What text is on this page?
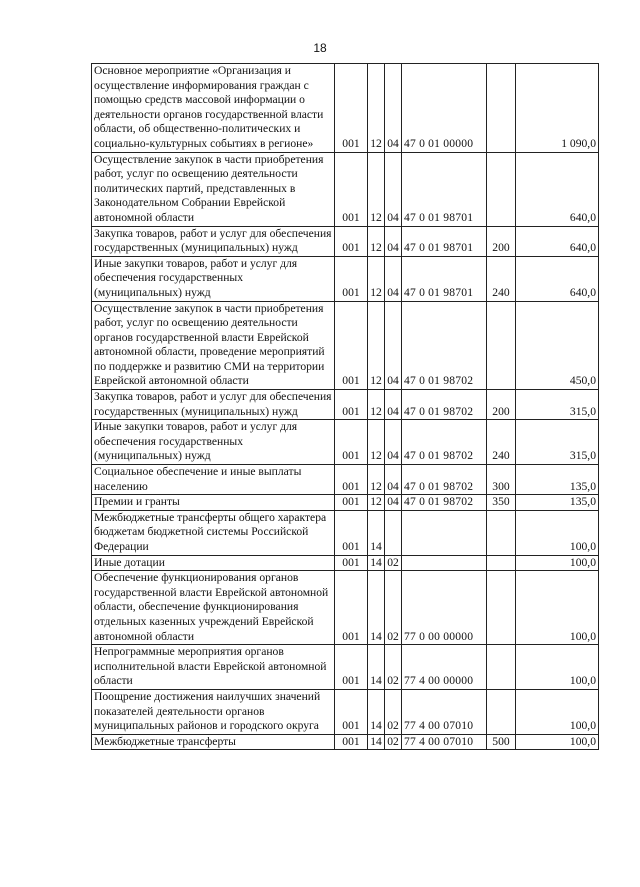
18
Основное мероприятие «Организация и осуществление информирования граждан с помощью средств массовой информации о деятельности органов государственной власти области, об общественно-политических и социально-культурных событиях в регионе»	001	12	04	47 0 01 00000		1 090,0

Осуществление закупок в части приобретения работ, услуг по освещению деятельности политических партий, представленных в Законодательном Собрании Еврейской автономной области	001	12	04	47 0 01 98701		640,0

Закупка товаров, работ и услуг для обеспечения государственных (муниципальных) нужд	001	12	04	47 0 01 98701	200	640,0

Иные закупки товаров, работ и услуг для обеспечения государственных (муниципальных) нужд	001	12	04	47 0 01 98701	240	640,0

Осуществление закупок в части приобретения работ, услуг по освещению деятельности органов государственной власти Еврейской автономной области, проведение мероприятий по поддержке и развитию СМИ на территории Еврейской автономной области	001	12	04	47 0 01 98702		450,0

Закупка товаров, работ и услуг для обеспечения государственных (муниципальных) нужд	001	12	04	47 0 01 98702	200	315,0

Иные закупки товаров, работ и услуг для обеспечения государственных (муниципальных) нужд	001	12	04	47 0 01 98702	240	315,0

Социальное обеспечение и иные выплаты населению	001	12	04	47 0 01 98702	300	135,0

Премии и гранты	001	12	04	47 0 01 98702	350	135,0

Межбюджетные трансферты общего характера бюджетам бюджетной системы Российской Федерации	001	14				100,0

Иные дотации	001	14	02			100,0

Обеспечение функционирования органов государственной власти Еврейской автономной области, обеспечение функционирования отдельных казенных учреждений Еврейской автономной области	001	14	02	77 0 00 00000		100,0

Непрограммные мероприятия органов исполнительной власти Еврейской автономной области	001	14	02	77 4 00 00000		100,0

Поощрение достижения наилучших значений показателей деятельности органов муниципальных районов и городского округа	001	14	02	77 4 00 07010		100,0

Межбюджетные трансферты	001	14	02	77 4 00 07010	500	100,0
